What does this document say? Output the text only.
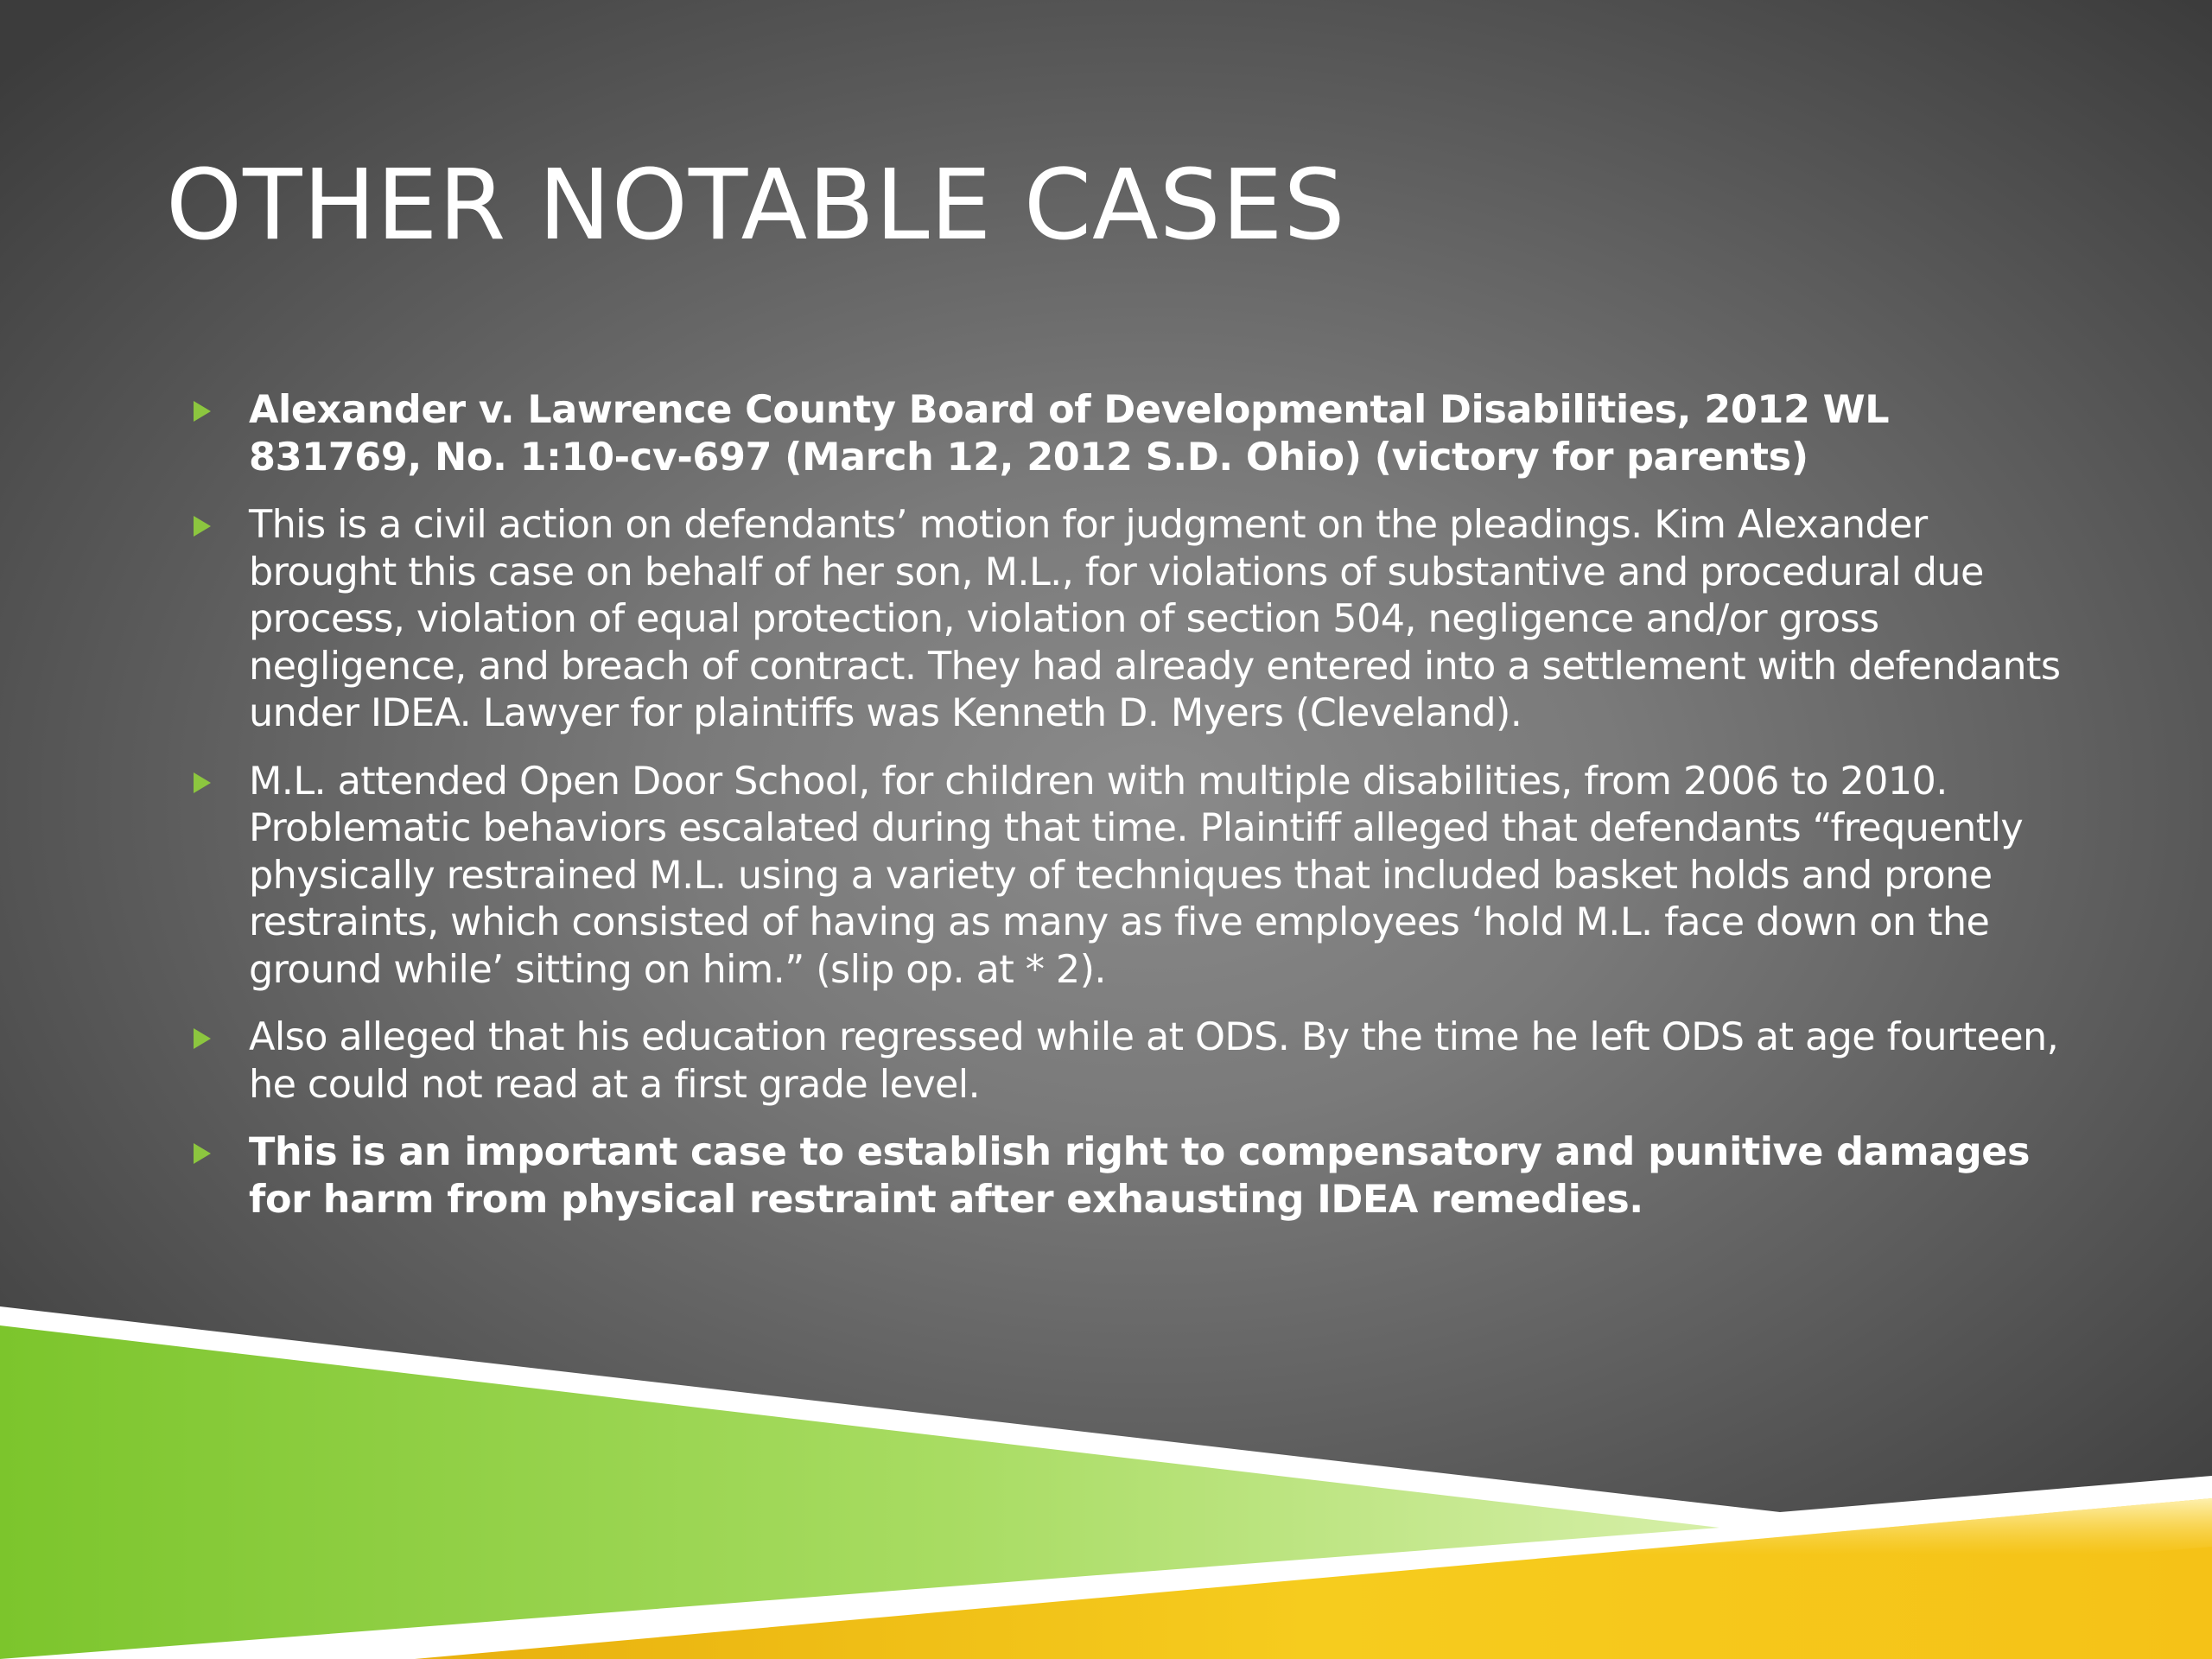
OTHER NOTABLE CASES
Alexander v. Lawrence County Board of Developmental Disabilities, 2012 WL 831769, No. 1:10-cv-697 (March 12, 2012 S.D. Ohio) (victory for parents)
This is a civil action on defendants’ motion for judgment on the pleadings. Kim Alexander brought this case on behalf of her son, M.L., for violations of substantive and procedural due process, violation of equal protection, violation of section 504, negligence and/or gross negligence, and breach of contract. They had already entered into a settlement with defendants under IDEA. Lawyer for plaintiffs was Kenneth D. Myers (Cleveland).
M.L. attended Open Door School, for children with multiple disabilities, from 2006 to 2010. Problematic behaviors escalated during that time. Plaintiff alleged that defendants “frequently physically restrained M.L. using a variety of techniques that included basket holds and prone restraints, which consisted of having as many as five employees ‘hold M.L. face down on the ground while’ sitting on him.” (slip op. at * 2).
Also alleged that his education regressed while at ODS. By the time he left ODS at age fourteen, he could not read at a first grade level.
This is an important case to establish right to compensatory and punitive damages for harm from physical restraint after exhausting IDEA remedies.
